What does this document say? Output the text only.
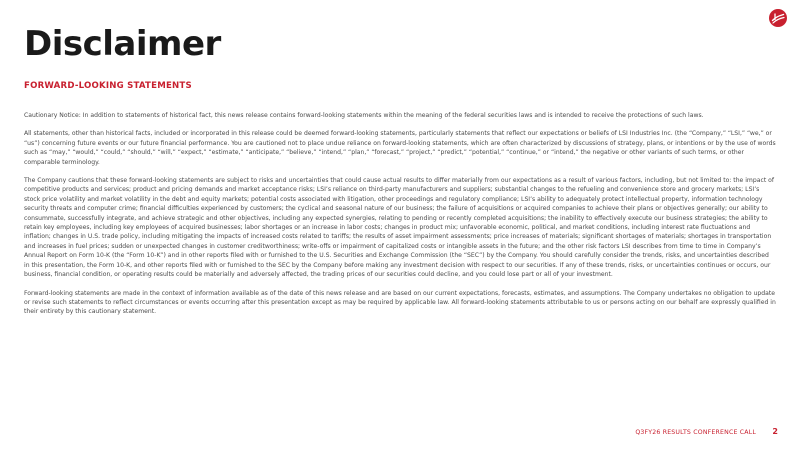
Disclaimer
FORWARD-LOOKING STATEMENTS

Cautionary Notice: In addition to statements of historical fact, this news release contains forward-looking statements within the meaning of the federal securities laws and is intended to receive the protections of such laws.

All statements, other than historical facts, included or incorporated in this release could be deemed forward-looking statements, particularly statements that reflect our expectations or beliefs of LSI Industries Inc. (the “Company,” “LSI,” “we,” or “us”) concerning future events or our future financial performance. You are cautioned not to place undue reliance on forward-looking statements, which are often characterized by discussions of strategy, plans, or intentions or by the use of words such as “may,” “would,” “could,” “should,” “will,” “expect,” “estimate,” “anticipate,” “believe,” “intend,” “plan,” “forecast,” “project,” “predict,” “potential,” “continue,” or “intend,” the negative or other variants of such terms, or other comparable terminology.

The Company cautions that these forward-looking statements are subject to risks and uncertainties that could cause actual results to differ materially from our expectations as a result of various factors, including, but not limited to: the impact of competitive products and services; product and pricing demands and market acceptance risks; LSI’s reliance on third-party manufacturers and suppliers; substantial changes to the refueling and convenience store and grocery markets; LSI’s stock price volatility and market volatility in the debt and equity markets; potential costs associated with litigation, other proceedings and regulatory compliance; LSI’s ability to adequately protect intellectual property, information technology security threats and computer crime; financial difficulties experienced by customers; the cyclical and seasonal nature of our business; the failure of acquisitions or acquired companies to achieve their plans or objectives generally; our ability to consummate, successfully integrate, and achieve strategic and other objectives, including any expected synergies, relating to pending or recently completed acquisitions; the inability to effectively execute our business strategies; the ability to retain key employees, including key employees of acquired businesses; labor shortages or an increase in labor costs; changes in product mix; unfavorable economic, political, and market conditions, including interest rate fluctuations and inflation; changes in U.S. trade policy, including mitigating the impacts of increased costs related to tariffs; the results of asset impairment assessments; price increases of materials; significant shortages of materials; shortages in transportation and increases in fuel prices; sudden or unexpected changes in customer creditworthiness; write-offs or impairment of capitalized costs or intangible assets in the future; and the other risk factors LSI describes from time to time in Company’s Annual Report on Form 10-K (the “Form 10-K”) and in other reports filed with or furnished to the U.S. Securities and Exchange Commission (the “SEC”) by the Company. You should carefully consider the trends, risks, and uncertainties described in this presentation, the Form 10-K, and other reports filed with or furnished to the SEC by the Company before making any investment decision with respect to our securities. If any of these trends, risks, or uncertainties continues or occurs, our business, financial condition, or operating results could be materially and adversely affected, the trading prices of our securities could decline, and you could lose part or all of your investment.

Forward-looking statements are made in the context of information available as of the date of this news release and are based on our current expectations, forecasts, estimates, and assumptions. The Company undertakes no obligation to update or revise such statements to reflect circumstances or events occurring after this presentation except as may be required by applicable law. All forward-looking statements attributable to us or persons acting on our behalf are expressly qualified in their entirety by this cautionary statement.

Q3FY26 RESULTS CONFERENCE CALL 2
